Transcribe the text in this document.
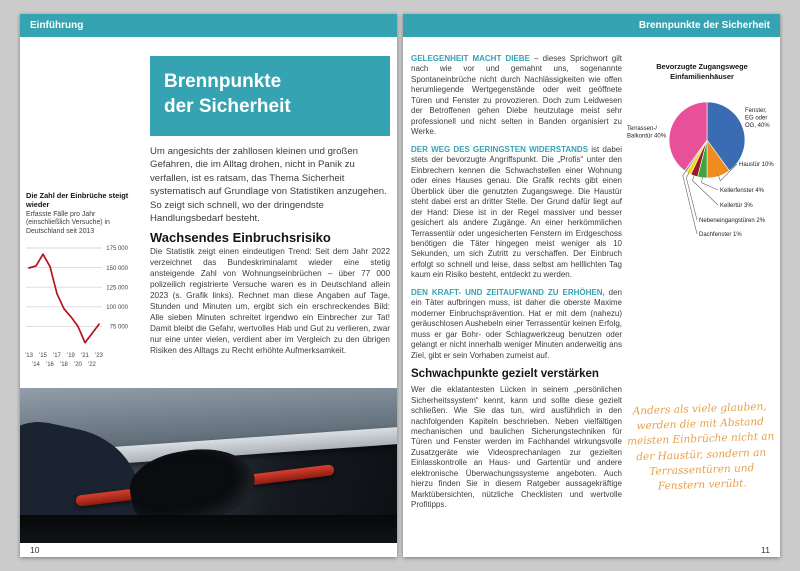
Einführung
Brennpunkte
der Sicherheit
Um angesichts der zahllosen kleinen und großen Gefahren, die im Alltag drohen, nicht in Panik zu verfallen, ist es ratsam, das Thema Sicherheit systematisch auf Grundlage von Statistiken anzugehen. So zeigt sich schnell, wo der dringendste Handlungsbedarf besteht.
Wachsendes Einbruchsrisiko
Die Statistik zeigt einen eindeutigen Trend: Seit dem Jahr 2022 verzeichnet das Bundeskriminalamt wieder eine stetig ansteigende Zahl von Wohnungseinbrüchen – über 77 000 polizeilich registrierte Versuche waren es in Deutschland allein 2023 (s. Grafik links). Rechnet man diese Angaben auf Tage, Stunden und Minuten um, ergibt sich ein erschreckendes Bild: Alle sieben Minuten schreitet irgendwo ein Einbrecher zur Tat! Damit bleibt die Gefahr, wertvolles Hab und Gut zu verlieren, zwar nur eine unter vielen, verdient aber im Vergleich zu den übrigen Risiken des Alltags zu Recht erhöhte Aufmerksamkeit.
Die Zahl der Einbrüche steigt wieder
Erfasste Fälle pro Jahr (einschließlich Versuche) in Deutschland seit 2013
175 000
150 000
125 000
100 000
75 000
'13
'14
'15
'16
'17
'18
'19
'20
'21
'22
'23
10
Brennpunkte der Sicherheit

GELEGENHEIT MACHT DIEBE – dieses Sprichwort gilt nach wie vor und gemahnt uns, sogenannte Spontaneinbrüche nicht durch Nachlässigkeiten wie offen herumliegende Wertgegenstände oder weit geöffnete Türen und Fenster zu provozieren. Doch zum Leidwesen der Betroffenen gehen Diebe heutzutage meist sehr professionell und nicht selten in Banden organisiert zu Werke.

DER WEG DES GERINGSTEN WIDERSTANDS ist dabei stets der bevorzugte Angriffspunkt. Die „Profis“ unter den Einbrechern kennen die Schwachstellen einer Wohnung oder eines Hauses genau. Die Grafik rechts gibt einen Überblick über die genutzten Zugangswege. Die Haustür steht dabei erst an dritter Stelle. Der Grund dafür liegt auf der Hand: Diese ist in der Regel massiver und besser gesichert als andere Zugänge. An einer herkömmlichen Terrassentür oder ungesicherten Fenstern im Erdgeschoss benötigen die Täter hingegen meist weniger als 10 Sekunden, um sich Zutritt zu verschaffen. Der Einbruch erfolgt so schnell und leise, dass selbst am helllichten Tag kaum ein Risiko besteht, entdeckt zu werden.

DEN KRAFT- UND ZEITAUFWAND ZU ERHÖHEN, den ein Täter aufbringen muss, ist daher die oberste Maxime moderner Einbruchsprävention. Hat er mit dem (nahezu) geräuschlosen Aushebeln einer Terrassentür keinen Erfolg, muss er gar Bohr- oder Schlagwerkzeug benutzen oder gelangt er nicht innerhalb weniger Minuten anderweitig ans Ziel, gibt er sein Vorhaben zumeist auf.

Schwachpunkte gezielt verstärken

Wer die eklatantesten Lücken in seinem „persönlichen Sicherheitssystem“ kennt, kann und sollte diese gezielt schließen. Wie Sie das tun, wird ausführlich in den nachfolgenden Kapiteln beschrieben. Neben vielfältigen mechanischen und baulichen Sicherungstechniken für Türen und Fenster werden im Fachhandel wirkungsvolle Zusatzgeräte wie Videosprechanlagen zur gezielten Einlasskontrolle an Haus- und Gartentür und andere elektronische Überwachungssysteme angeboten. Auch hierzu finden Sie in diesem Ratgeber aussagekräftige Marktübersichten, nützliche Checklisten und wertvolle Profitipps.

Bevorzugte Zugangswege Einfamilienhäuser
Fenster,
EG oder
OG, 40%
Haustür 10%
Kellerfenster 4%
Kellertür 3%
Nebeneingangstüren 2%
Dachfenster 1%
Terrassen-/
Balkontür 40%
Anders als viele glauben, werden die mit Abstand meisten Einbrüche nicht an der Haustür, sondern an Terrassentüren und Fenstern verübt.
11
